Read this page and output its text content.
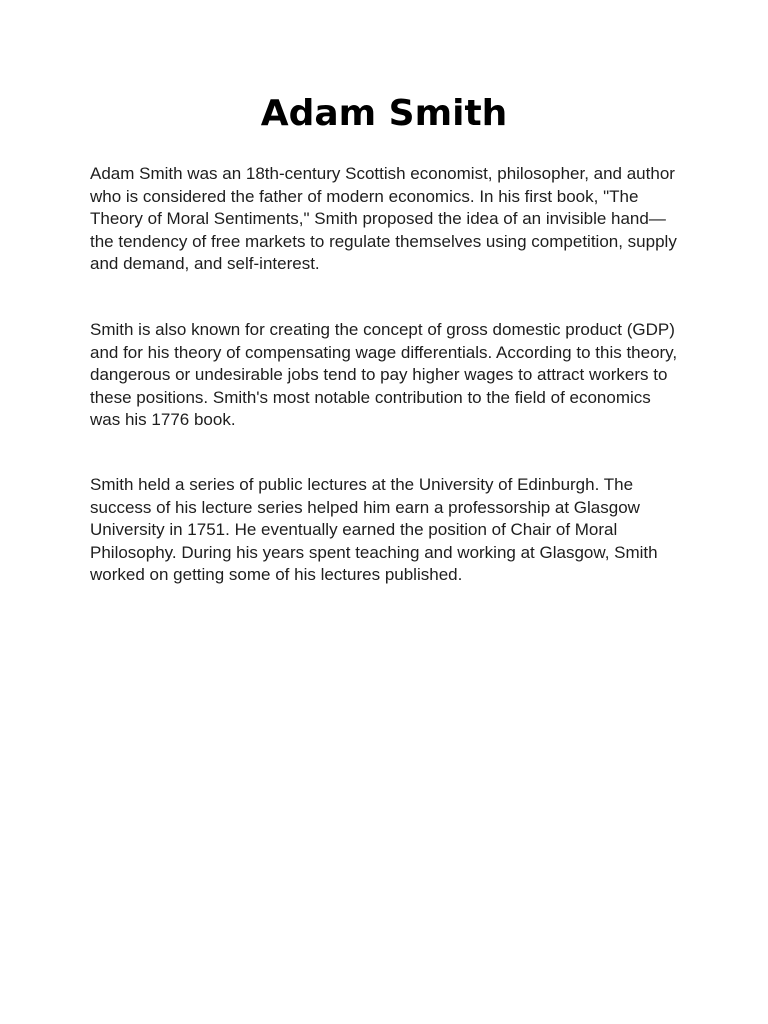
Adam Smith

Adam Smith was an 18th-century Scottish economist, philosopher, and author who is considered the father of modern economics. In his first book, "The Theory of Moral Sentiments," Smith proposed the idea of an invisible hand—the tendency of free markets to regulate themselves using competition, supply and demand, and self-interest.

Smith is also known for creating the concept of gross domestic product (GDP) and for his theory of compensating wage differentials. According to this theory, dangerous or undesirable jobs tend to pay higher wages to attract workers to these positions. Smith's most notable contribution to the field of economics was his 1776 book.

Smith held a series of public lectures at the University of Edinburgh. The success of his lecture series helped him earn a professorship at Glasgow University in 1751. He eventually earned the position of Chair of Moral Philosophy. During his years spent teaching and working at Glasgow, Smith worked on getting some of his lectures published.
